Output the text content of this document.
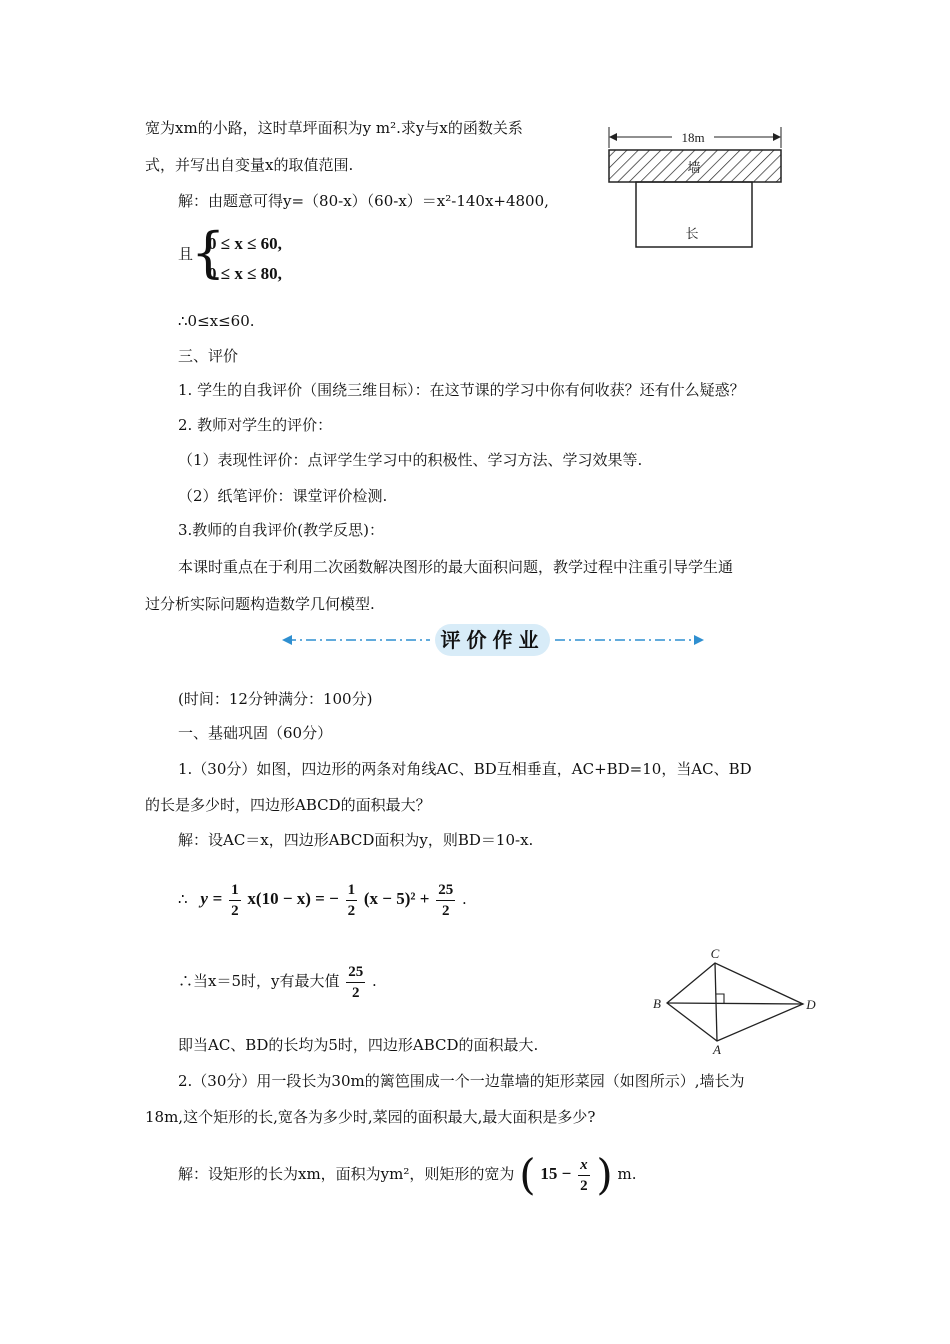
宽为xm的小路，这时草坪面积为y m².求y与x的函数关系
式，并写出自变量x的取值范围.
解：由题意可得y=（80-x）（60-x）＝x²-140x+4800,
且
{
0 ≤ x ≤ 60,
0 ≤ x ≤ 80,
∴0≤x≤60.
三、评价
1. 学生的自我评价（围绕三维目标）：在这节课的学习中你有何收获？还有什么疑惑？
2. 教师对学生的评价：
（1）表现性评价：点评学生学习中的积极性、学习方法、学习效果等.
（2）纸笔评价：课堂评价检测.
3.教师的自我评价(教学反思)：
本课时重点在于利用二次函数解决图形的最大面积问题，教学过程中注重引导学生通
过分析实际问题构造数学几何模型.
评价作业
(时间：12分钟满分：100分)
一、基础巩固（60分）
1.（30分）如图，四边形的两条对角线AC、BD互相垂直，AC+BD=10，当AC、BD
的长是多少时，四边形ABCD的面积最大？
解：设AC＝x，四边形ABCD面积为y，则BD＝10-x.
∴ $y = \frac{1}{2} x(10 - x)$ = − $\frac{1}{2} (x - 5)^2 + \frac{25}{2}$ .
∴当x＝5时，y有最大值 $\frac{25}{2}$ .
即当AC、BD的长均为5时，四边形ABCD的面积最大.
2.（30分）用一段长为30m的篱笆围成一个一边靠墙的矩形菜园（如图所示）,墙长为
18m,这个矩形的长,宽各为多少时,菜园的面积最大,最大面积是多少?
解：设矩形的长为xm，面积为ym²，则矩形的宽为 ( $15 - \frac{x}{2}$ ) m.
18m
墙
长
C
B	D
A
